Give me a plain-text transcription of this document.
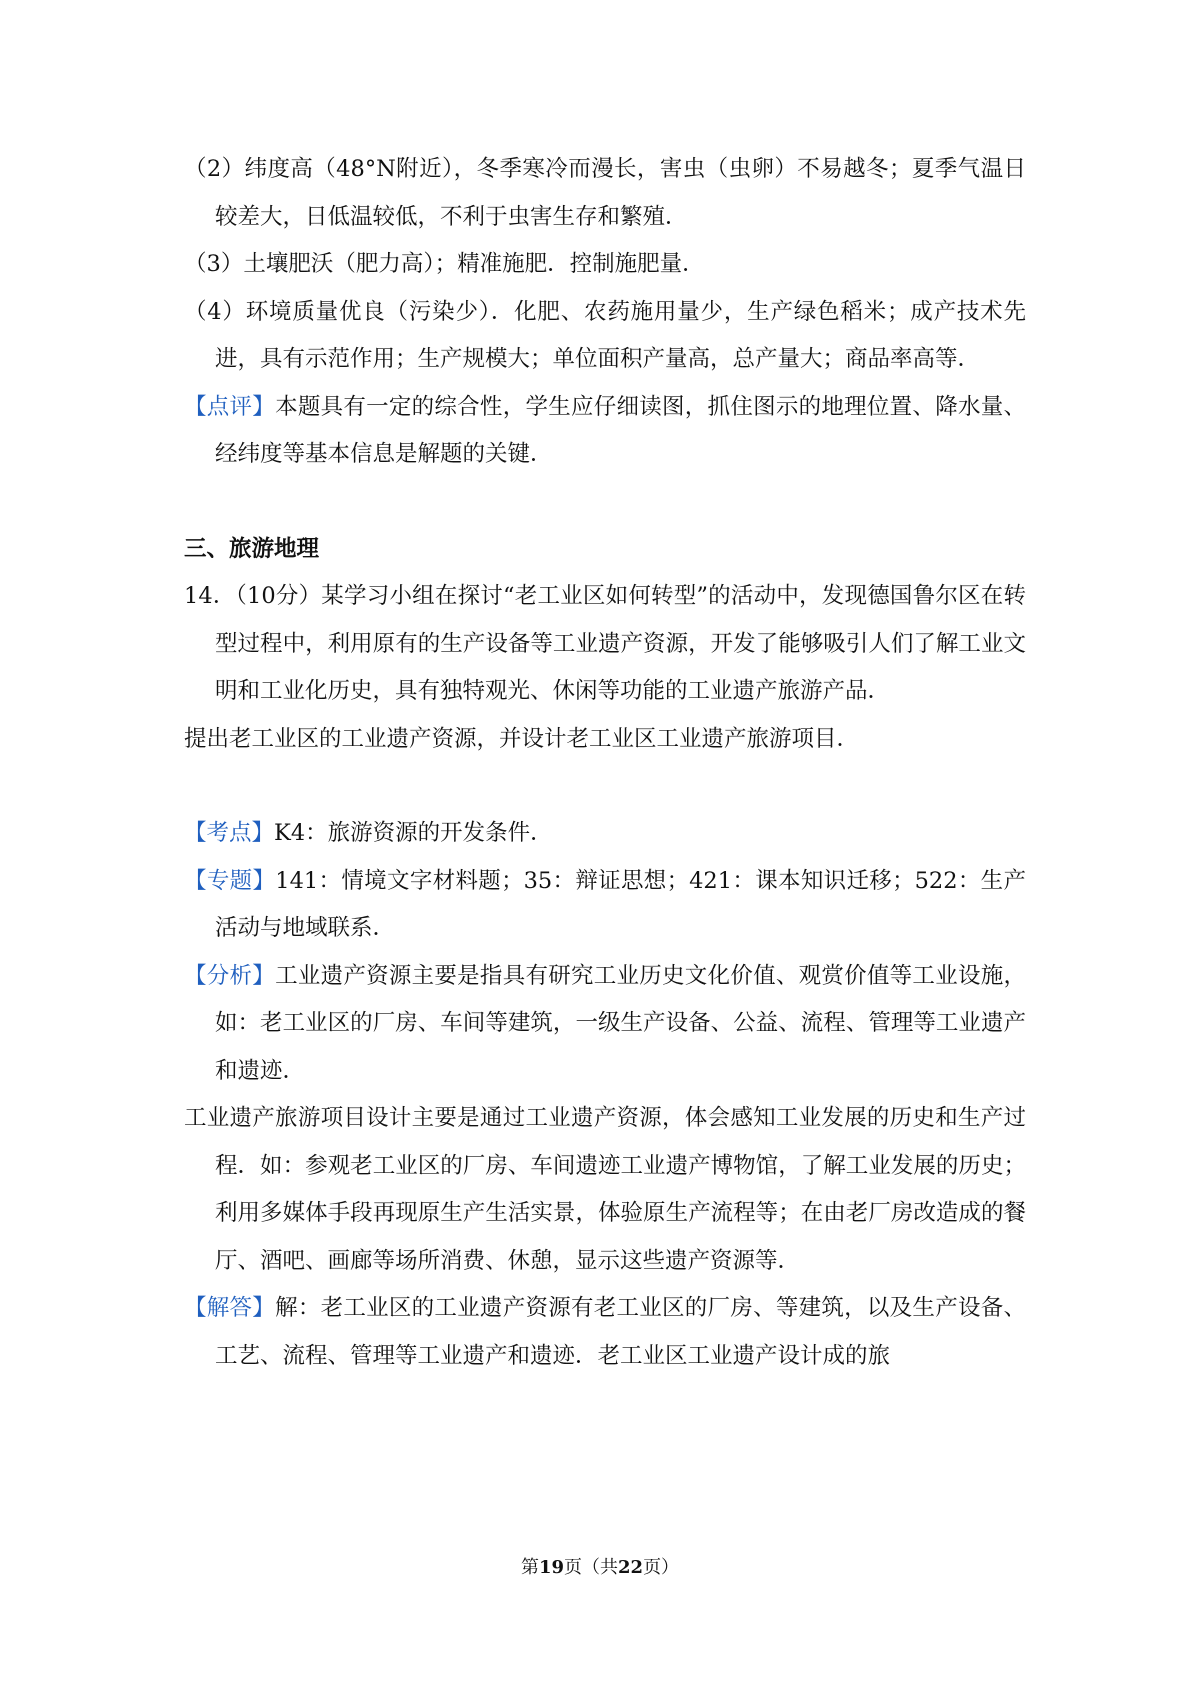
（2）纬度高（48°N附近），冬季寒冷而漫长，害虫（虫卵）不易越冬；夏季气温日较差大，日低温较低，不利于虫害生存和繁殖．

（3）土壤肥沃（肥力高）；精准施肥．控制施肥量．

（4）环境质量优良（污染少）．化肥、农药施用量少，生产绿色稻米；成产技术先进，具有示范作用；生产规模大；单位面积产量高，总产量大；商品率高等．

【点评】本题具有一定的综合性，学生应仔细读图，抓住图示的地理位置、降水量、经纬度等基本信息是解题的关键．

三、旅游地理

14．（10分）某学习小组在探讨“老工业区如何转型”的活动中，发现德国鲁尔区在转型过程中，利用原有的生产设备等工业遗产资源，开发了能够吸引人们了解工业文明和工业化历史，具有独特观光、休闲等功能的工业遗产旅游产品．

提出老工业区的工业遗产资源，并设计老工业区工业遗产旅游项目．

【考点】K4：旅游资源的开发条件．

【专题】141：情境文字材料题；35：辩证思想；421：课本知识迁移；522：生产活动与地域联系．

【分析】工业遗产资源主要是指具有研究工业历史文化价值、观赏价值等工业设施，如：老工业区的厂房、车间等建筑，一级生产设备、公益、流程、管理等工业遗产和遗迹．

工业遗产旅游项目设计主要是通过工业遗产资源，体会感知工业发展的历史和生产过程．如：参观老工业区的厂房、车间遗迹工业遗产博物馆，了解工业发展的历史；利用多媒体手段再现原生产生活实景，体验原生产流程等；在由老厂房改造成的餐厅、酒吧、画廊等场所消费、休憩，显示这些遗产资源等．

【解答】解：老工业区的工业遗产资源有老工业区的厂房、等建筑，以及生产设备、工艺、流程、管理等工业遗产和遗迹．老工业区工业遗产设计成的旅

第19页（共22页）
